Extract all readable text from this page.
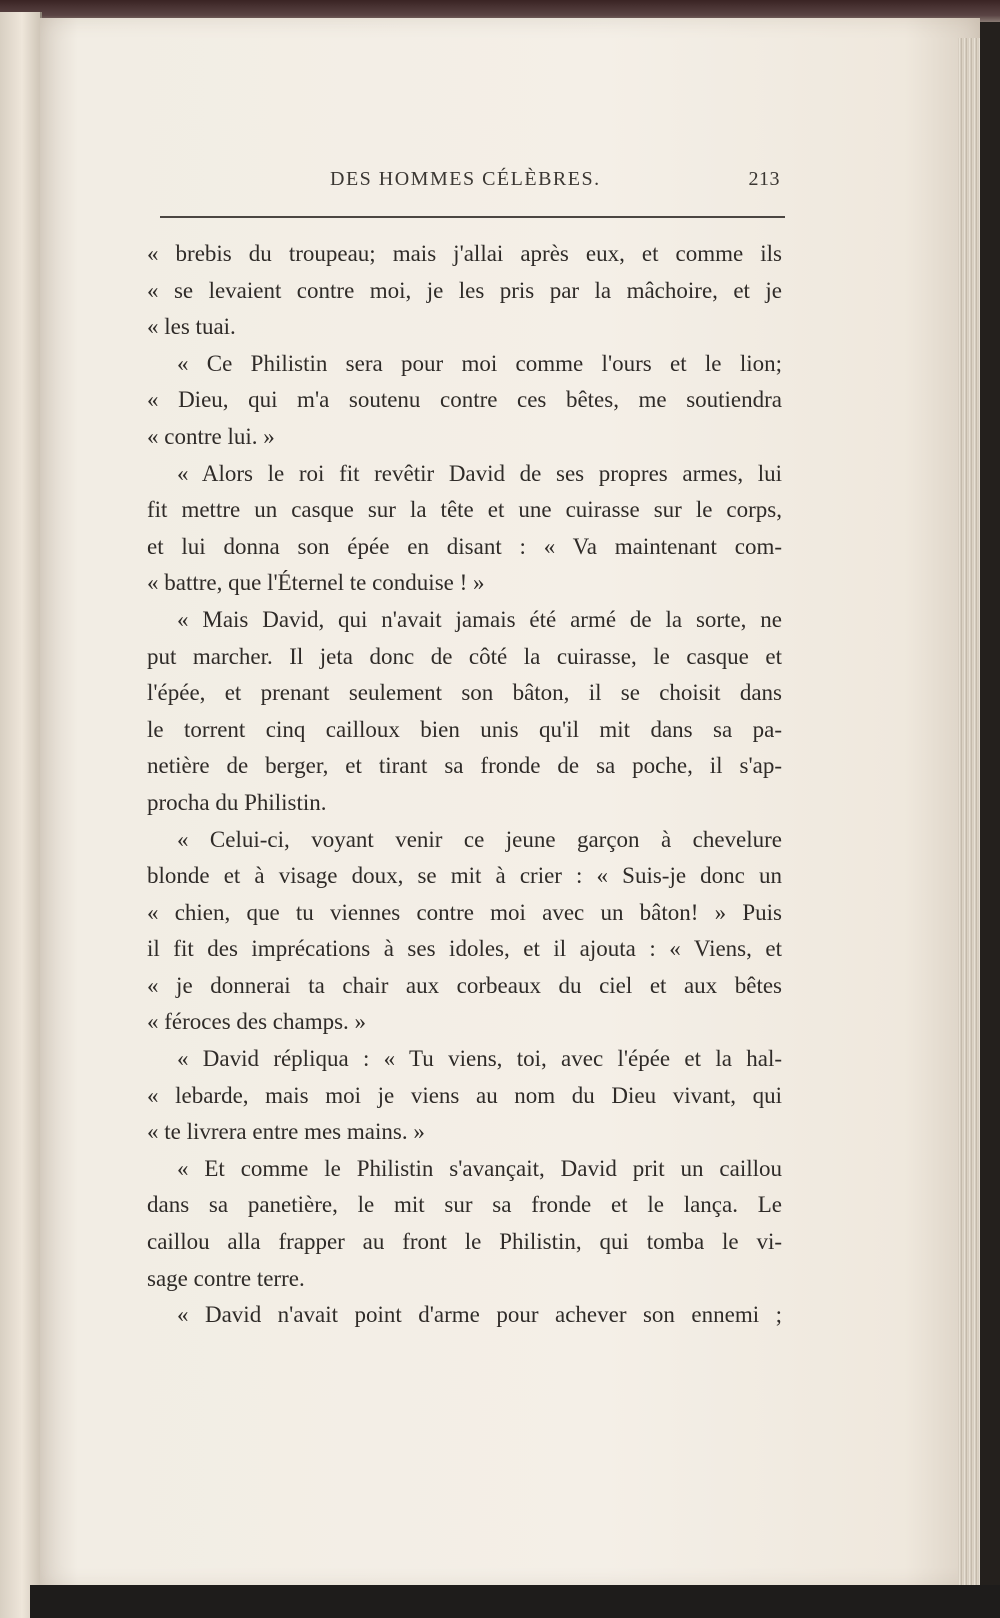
DES HOMMES CÉLÈBRES.	213
« brebis du troupeau; mais j'allai après eux, et comme ils
« se levaient contre moi, je les pris par la mâchoire, et je
« les tuai.
« Ce Philistin sera pour moi comme l'ours et le lion;
« Dieu, qui m'a soutenu contre ces bêtes, me soutiendra
« contre lui. »
« Alors le roi fit revêtir David de ses propres armes, lui
fit mettre un casque sur la tête et une cuirasse sur le corps,
et lui donna son épée en disant : « Va maintenant com-
« battre, que l'Éternel te conduise ! »
« Mais David, qui n'avait jamais été armé de la sorte, ne
put marcher. Il jeta donc de côté la cuirasse, le casque et
l'épée, et prenant seulement son bâton, il se choisit dans
le torrent cinq cailloux bien unis qu'il mit dans sa pa-
netière de berger, et tirant sa fronde de sa poche, il s'ap-
procha du Philistin.
« Celui-ci, voyant venir ce jeune garçon à chevelure
blonde et à visage doux, se mit à crier : « Suis-je donc un
« chien, que tu viennes contre moi avec un bâton! » Puis
il fit des imprécations à ses idoles, et il ajouta : « Viens, et
« je donnerai ta chair aux corbeaux du ciel et aux bêtes
« féroces des champs. »
« David répliqua : « Tu viens, toi, avec l'épée et la hal-
« lebarde, mais moi je viens au nom du Dieu vivant, qui
« te livrera entre mes mains. »
« Et comme le Philistin s'avançait, David prit un caillou
dans sa panetière, le mit sur sa fronde et le lança. Le
caillou alla frapper au front le Philistin, qui tomba le vi-
sage contre terre.
« David n'avait point d'arme pour achever son ennemi ;
